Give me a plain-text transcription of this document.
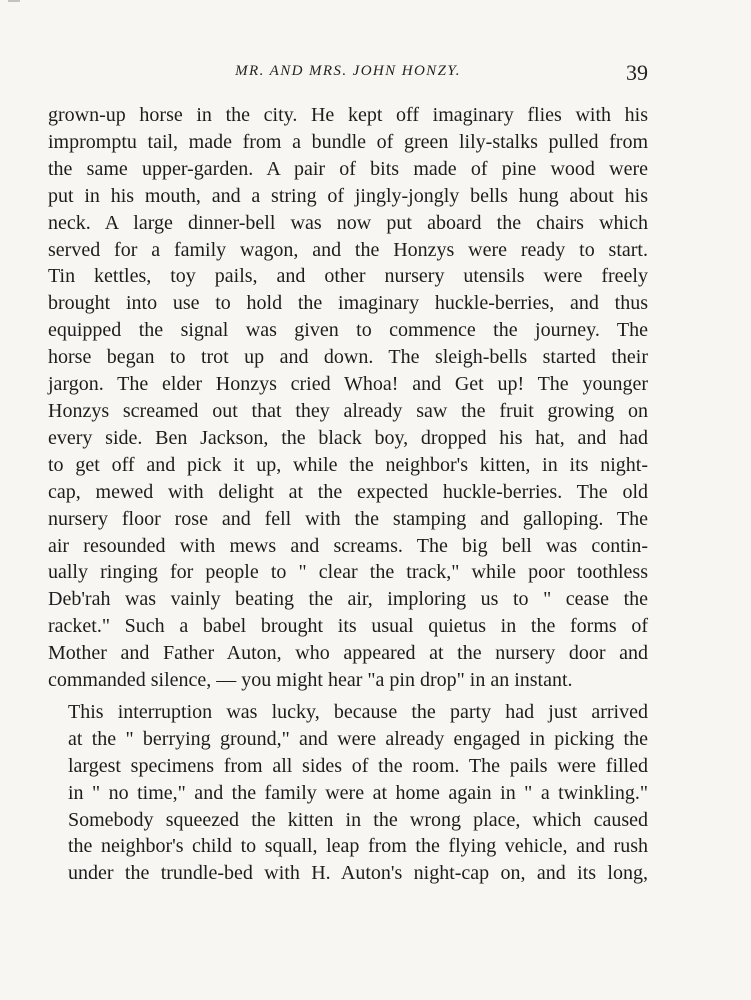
MR. AND MRS. JOHN HONZY.	39

grown-up horse in the city. He kept off imaginary flies with his
impromptu tail, made from a bundle of green lily-stalks pulled from
the same upper-garden. A pair of bits made of pine wood were
put in his mouth, and a string of jingly-jongly bells hung about his
neck. A large dinner-bell was now put aboard the chairs which
served for a family wagon, and the Honzys were ready to start.
Tin kettles, toy pails, and other nursery utensils were freely
brought into use to hold the imaginary huckle-berries, and thus
equipped the signal was given to commence the journey. The
horse began to trot up and down. The sleigh-bells started their
jargon. The elder Honzys cried Whoa! and Get up! The younger
Honzys screamed out that they already saw the fruit growing on
every side. Ben Jackson, the black boy, dropped his hat, and had
to get off and pick it up, while the neighbor's kitten, in its night-
cap, mewed with delight at the expected huckle-berries. The old
nursery floor rose and fell with the stamping and galloping. The
air resounded with mews and screams. The big bell was contin-
ually ringing for people to " clear the track," while poor toothless
Deb'rah was vainly beating the air, imploring us to " cease the
racket." Such a babel brought its usual quietus in the forms of
Mother and Father Auton, who appeared at the nursery door and
commanded silence, — you might hear "a pin drop" in an instant.

This interruption was lucky, because the party had just arrived
at the " berrying ground," and were already engaged in picking the
largest specimens from all sides of the room. The pails were filled
in " no time," and the family were at home again in " a twinkling."
Somebody squeezed the kitten in the wrong place, which caused
the neighbor's child to squall, leap from the flying vehicle, and rush
under the trundle-bed with H. Auton's night-cap on, and its long,
